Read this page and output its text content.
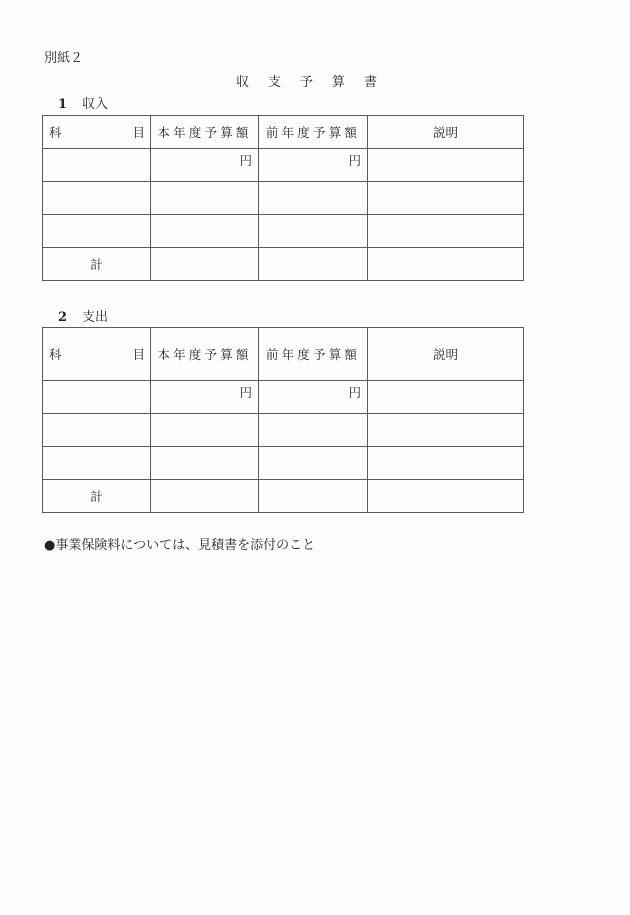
別紙２
収支予算書
1 収入
科 目	本年度予算額	前年度予算額	説明
	円	円	

計			
2 支出
科 目	本年度予算額	前年度予算額	説明
	円	円	

計			
●事業保険料については、見積書を添付のこと
